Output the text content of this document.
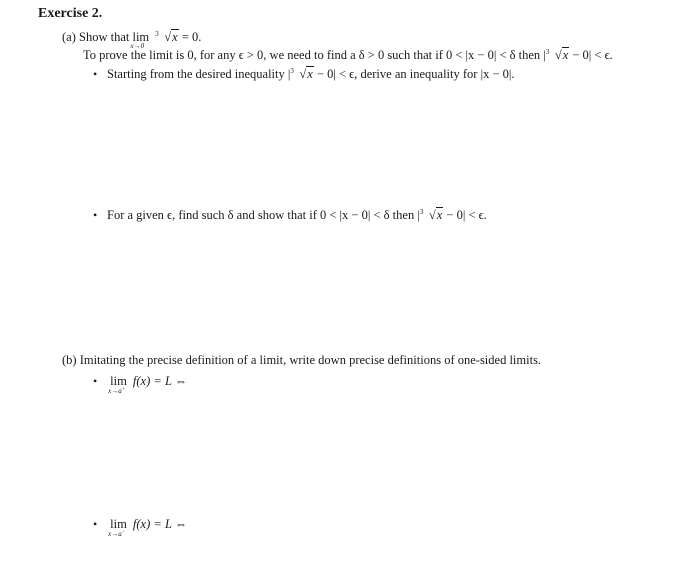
Exercise 2.
(a) Show that lim
x→0

3 √x = 0.
To prove the limit is 0, for any ϵ > 0, we need to find a δ > 0 such that if 0 < |x − 0| < δ then | 3 √x − 0| < ϵ.
• Starting from the desired inequality | 3 √x − 0| < ϵ, derive an inequality for |x − 0|.
• For a given ϵ, find such δ and show that if 0 < |x − 0| < δ then | 3 √x − 0| < ϵ.
(b) Imitating the precise definition of a limit, write down precise definitions of one-sided limits.
• lim
x→a+
f(x) = L ⇔
• lim
x→a−
f(x) = L ⇔
